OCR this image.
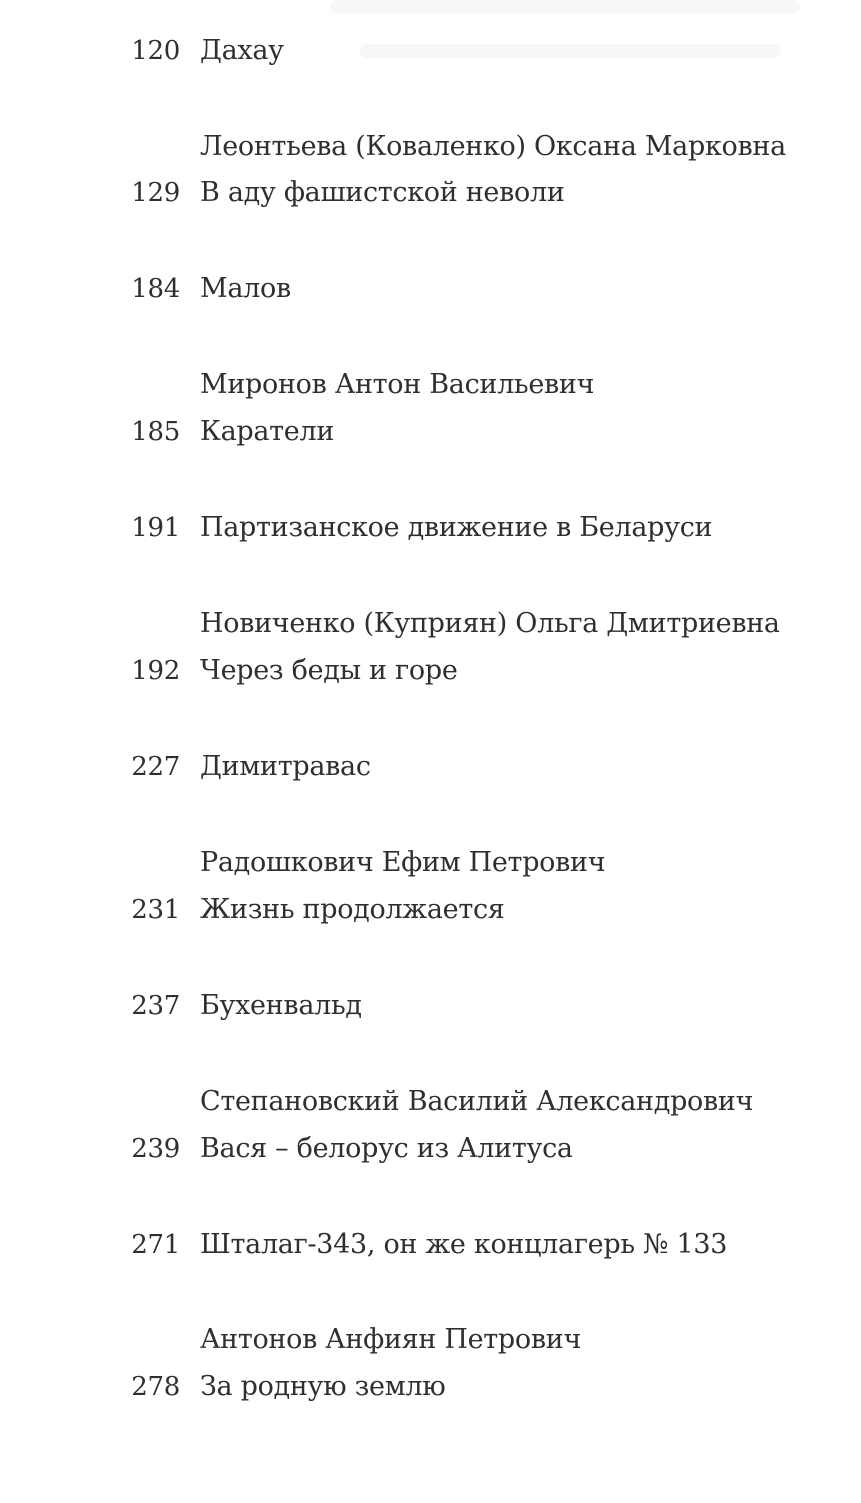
120 Дахау
Леонтьева (Коваленко) Оксана Марковна
129 В аду фашистской неволи
184 Малов
Миронов Антон Васильевич
185 Каратели
191 Партизанское движение в Беларуси
Новиченко (Куприян) Ольга Дмитриевна
192 Через беды и горе
227 Димитравас
Радошкович Ефим Петрович
231 Жизнь продолжается
237 Бухенвальд
Степановский Василий Александрович
239 Вася – белорус из Алитуса
271 Шталаг-343, он же концлагерь № 133
Антонов Анфиян Петрович
278 За родную землю
